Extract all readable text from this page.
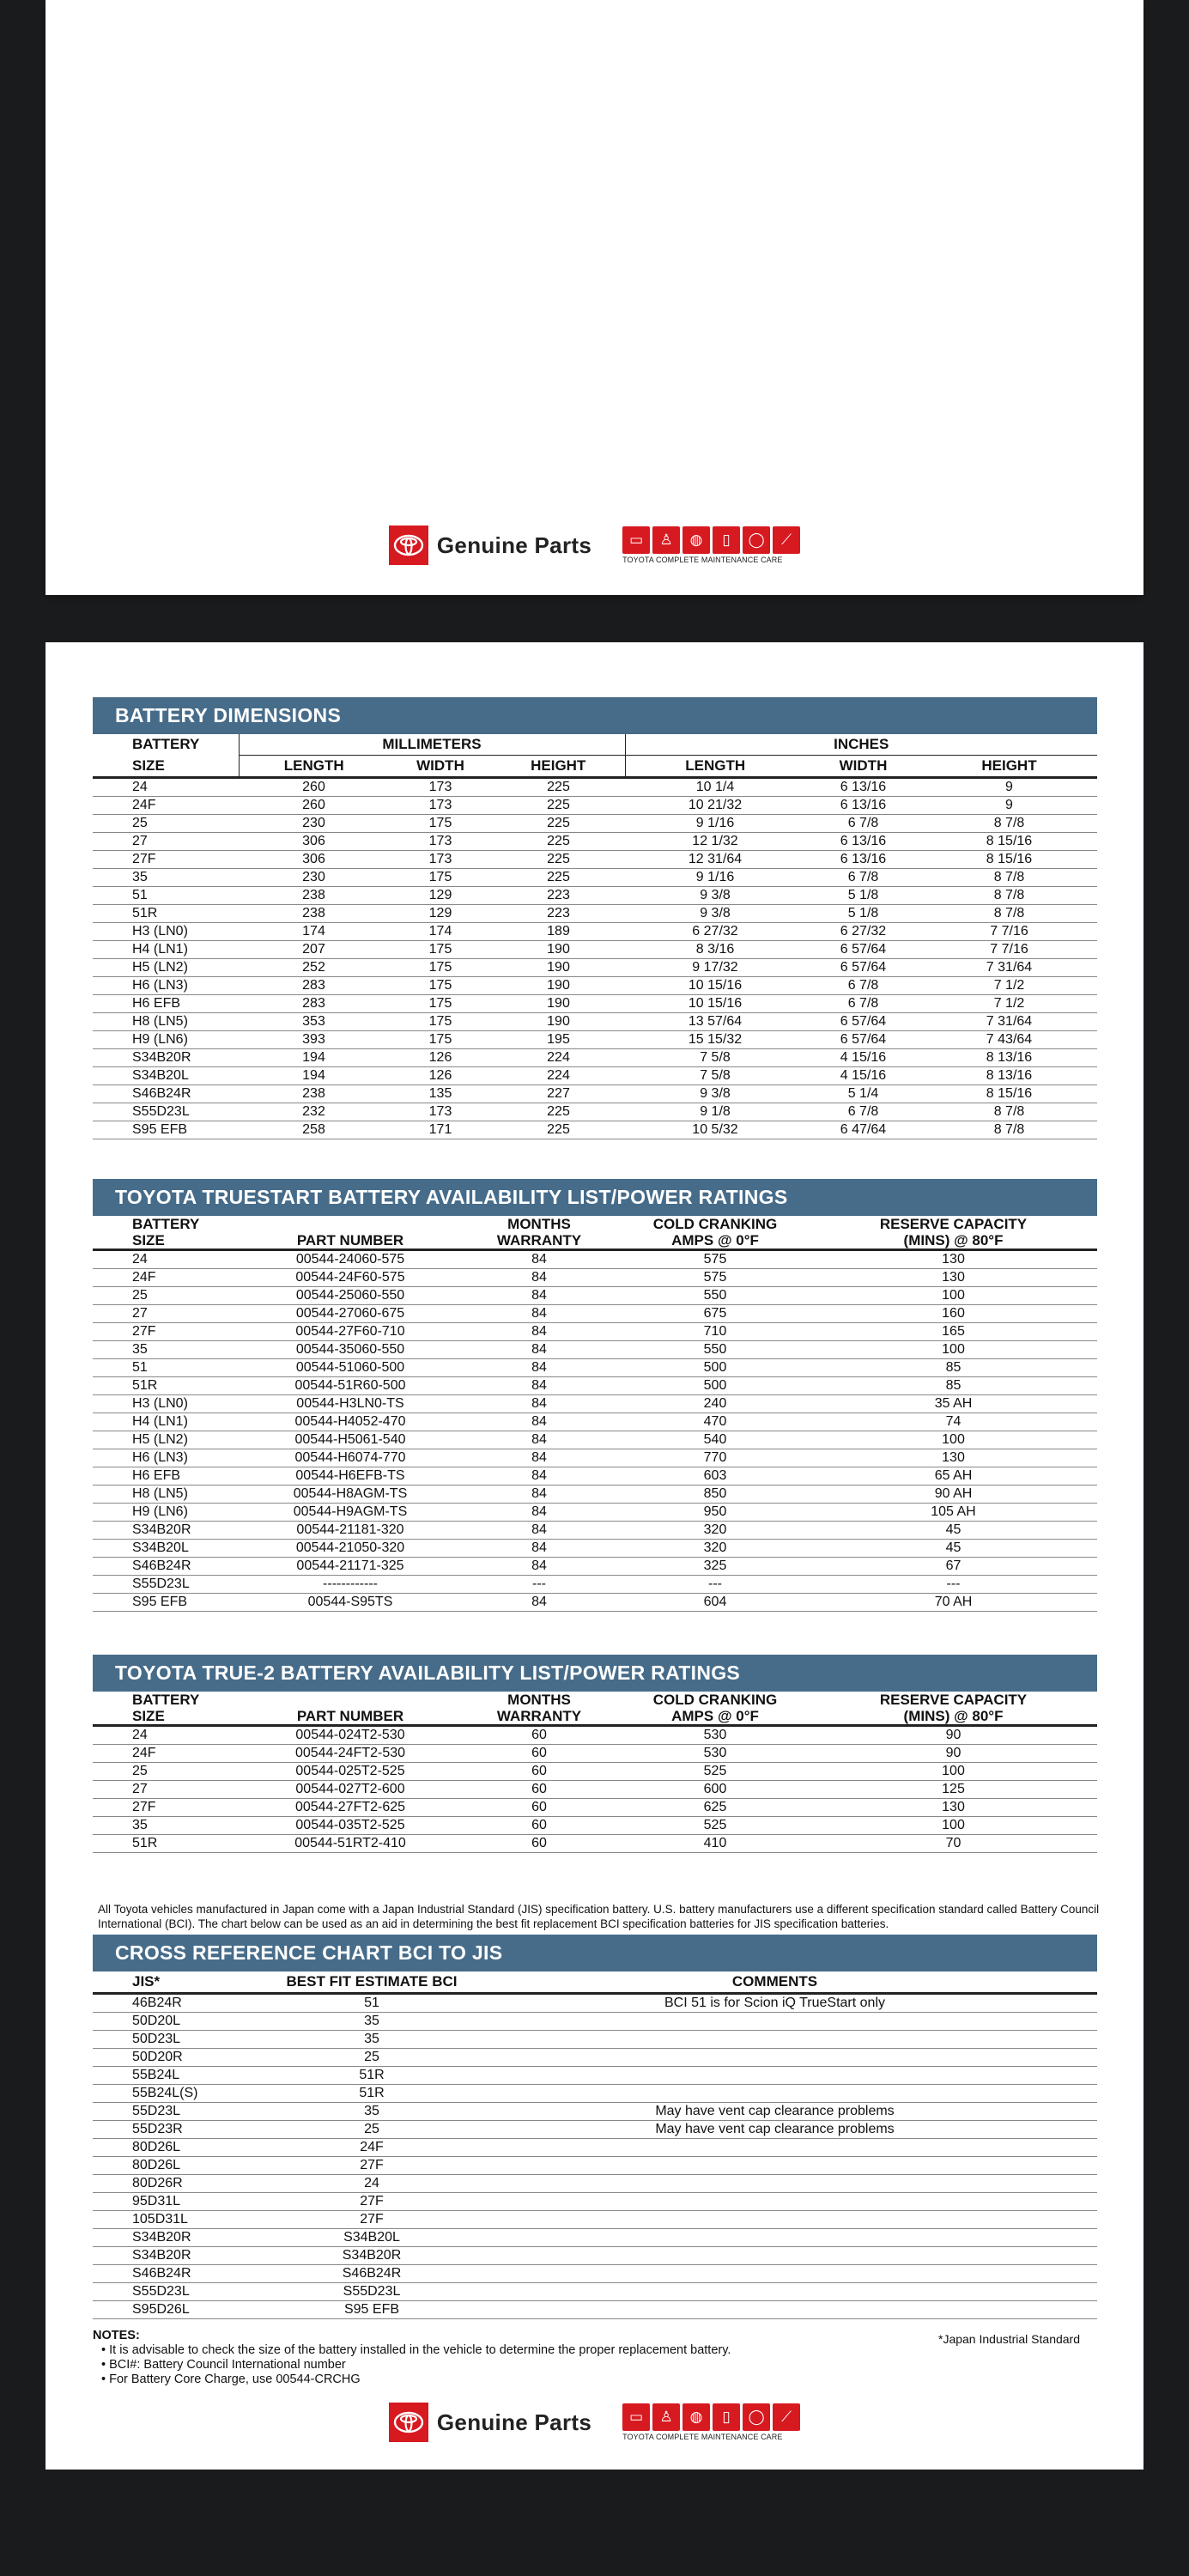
Genuine Parts	▭	♙	◍	▯	◯	⟋
TOYOTA COMPLETE MAINTENANCE CARE
BATTERY DIMENSIONS
BATTERY	MILLIMETERS			INCHES		
SIZE	LENGTH	WIDTH	HEIGHT	LENGTH	WIDTH	HEIGHT
24	260	173	225	10 1/4	6 13/16	9
24F	260	173	225	10 21/32	6 13/16	9
25	230	175	225	9 1/16	6 7/8	8 7/8
27	306	173	225	12 1/32	6 13/16	8 15/16
27F	306	173	225	12 31/64	6 13/16	8 15/16
35	230	175	225	9 1/16	6 7/8	8 7/8
51	238	129	223	9 3/8	5 1/8	8 7/8
51R	238	129	223	9 3/8	5 1/8	8 7/8
H3 (LN0)	174	174	189	6 27/32	6 27/32	7 7/16
H4 (LN1)	207	175	190	8 3/16	6 57/64	7 7/16
H5 (LN2)	252	175	190	9 17/32	6 57/64	7 31/64
H6 (LN3)	283	175	190	10 15/16	6 7/8	7 1/2
H6 EFB	283	175	190	10 15/16	6 7/8	7 1/2
H8 (LN5)	353	175	190	13 57/64	6 57/64	7 31/64
H9 (LN6)	393	175	195	15 15/32	6 57/64	7 43/64
S34B20R	194	126	224	7 5/8	4 15/16	8 13/16
S34B20L	194	126	224	7 5/8	4 15/16	8 13/16
S46B24R	238	135	227	9 3/8	5 1/4	8 15/16
S55D23L	232	173	225	9 1/8	6 7/8	8 7/8
S95 EFB	258	171	225	10 5/32	6 47/64	8 7/8
TOYOTA TRUESTART BATTERY AVAILABILITY LIST/POWER RATINGS
BATTERY		MONTHS	COLD CRANKING	RESERVE CAPACITY
SIZE	PART NUMBER	WARRANTY	AMPS @ 0°F	(MINS) @ 80°F
24	00544-24060-575	84	575	130
24F	00544-24F60-575	84	575	130
25	00544-25060-550	84	550	100
27	00544-27060-675	84	675	160
27F	00544-27F60-710	84	710	165
35	00544-35060-550	84	550	100
51	00544-51060-500	84	500	85
51R	00544-51R60-500	84	500	85
H3 (LN0)	00544-H3LN0-TS	84	240	35 AH
H4 (LN1)	00544-H4052-470	84	470	74
H5 (LN2)	00544-H5061-540	84	540	100
H6 (LN3)	00544-H6074-770	84	770	130
H6 EFB	00544-H6EFB-TS	84	603	65 AH
H8 (LN5)	00544-H8AGM-TS	84	850	90 AH
H9 (LN6)	00544-H9AGM-TS	84	950	105 AH
S34B20R	00544-21181-320	84	320	45
S34B20L	00544-21050-320	84	320	45
S46B24R	00544-21171-325	84	325	67
S55D23L	------------	---	---	---
S95 EFB	00544-S95TS	84	604	70 AH
TOYOTA TRUE-2 BATTERY AVAILABILITY LIST/POWER RATINGS
BATTERY		MONTHS	COLD CRANKING	RESERVE CAPACITY
SIZE	PART NUMBER	WARRANTY	AMPS @ 0°F	(MINS) @ 80°F
24	00544-024T2-530	60	530	90
24F	00544-24FT2-530	60	530	90
25	00544-025T2-525	60	525	100
27	00544-027T2-600	60	600	125
27F	00544-27FT2-625	60	625	130
35	00544-035T2-525	60	525	100
51R	00544-51RT2-410	60	410	70
All Toyota vehicles manufactured in Japan come with a Japan Industrial Standard (JIS) specification battery. U.S. battery manufacturers use a different specification standard called Battery Council International (BCI). The chart below can be used as an aid in determining the best fit replacement BCI specification batteries for JIS specification batteries.
CROSS REFERENCE CHART BCI TO JIS
JIS*	BEST FIT ESTIMATE BCI	COMMENTS
46B24R	51	BCI 51 is for Scion iQ TrueStart only
50D20L	35	
50D23L	35	
50D20R	25	
55B24L	51R	
55B24L(S)	51R	
55D23L	35	May have vent cap clearance problems
55D23R	25	May have vent cap clearance problems
80D26L	24F	
80D26L	27F	
80D26R	24	
95D31L	27F	
105D31L	27F	
S34B20R	S34B20L	
S34B20R	S34B20R	
S46B24R	S46B24R	
S55D23L	S55D23L	
S95D26L	S95 EFB	
NOTES:	*Japan Industrial Standard
• It is advisable to check the size of the battery installed in the vehicle to determine the proper replacement battery.
• BCI#: Battery Council International number
• For Battery Core Charge, use 00544-CRCHG
Genuine Parts	▭	♙	◍	▯	◯	⟋
TOYOTA COMPLETE MAINTENANCE CARE
